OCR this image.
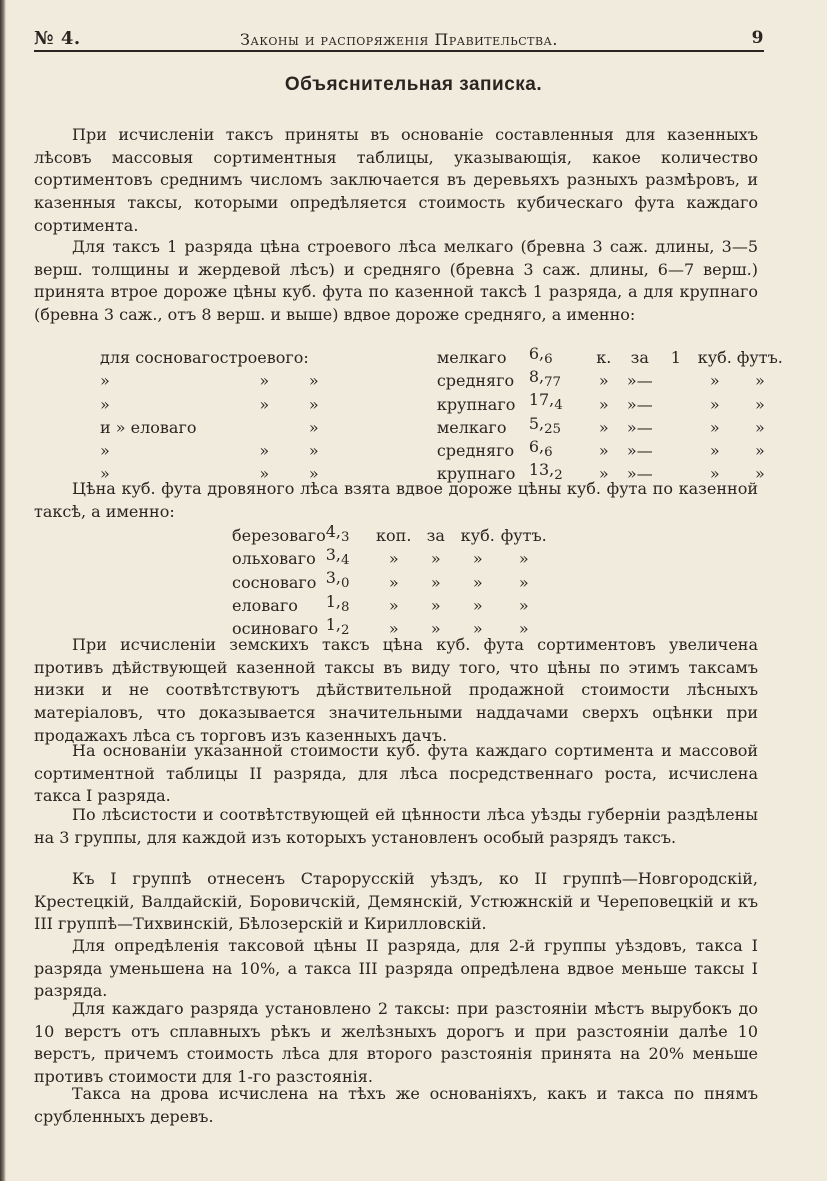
№ 4.	Законы и распоряженія Правительства.	9
Объяснительная записка.

При исчисленіи таксъ приняты въ основаніе составленныя для казенныхъ лѣсовъ массовыя сортиментныя таблицы, указывающія, какое количество сортиментовъ среднимъ числомъ заключается въ деревьяхъ разныхъ размѣровъ, и казенныя таксы, которыми опредѣляется стоимость кубическаго фута каждаго сортимента.

Для таксъ 1 разряда цѣна строевого лѣса мелкаго (бревна 3 саж. длины, 3—5 верш. толщины и жердевой лѣсъ) и средняго (бревна 3 саж. длины, 6—7 верш.) принята втрое дороже цѣны куб. фута по казенной таксѣ 1 разряда, а для крупнаго (бревна 3 саж., отъ 8 верш. и выше) вдвое дороже средняго, а именно:

для сосноваго	строевого:		мелкаго	$6,_6$	к.	за	1	куб.	футъ.
»	»	»	средняго	$8,_{77}$	»	»—		»	»
»	»	»	крупнаго	$17,_4$	»	»—		»	»
и » еловаго		»	мелкаго	$5,_{25}$	»	»—		»	»
»	»	»	средняго	$6,_6$	»	»—		»	»
»	»	»	крупнаго	$13,_2$	»	»—		»	»

Цѣна куб. фута дровяного лѣса взята вдвое дороже цѣны куб. фута по казенной таксѣ, а именно:

березоваго	$4,_3$	коп.	за	куб.	футъ.
ольховаго	$3,_4$	»	»	»	»
сосноваго	$3,_0$	»	»	»	»
еловаго	$1,_8$	»	»	»	»
осиноваго	$1,_2$	»	»	»	»

При исчисленіи земскихъ таксъ цѣна куб. фута сортиментовъ увеличена противъ дѣйствующей казенной таксы въ виду того, что цѣны по этимъ таксамъ низки и не соотвѣтствуютъ дѣйствительной продажной стоимости лѣсныхъ матеріаловъ, что доказывается значительными наддачами сверхъ оцѣнки при продажахъ лѣса съ торговъ изъ казенныхъ дачъ.

На основаніи указанной стоимости куб. фута каждаго сортимента и массовой сортиментной таблицы II разряда, для лѣса посредственнаго роста, исчислена такса I разряда.

По лѣсистости и соотвѣтствующей ей цѣнности лѣса уѣзды губерніи раздѣлены на 3 группы, для каждой изъ которыхъ установленъ особый разрядъ таксъ.

Къ I группѣ отнесенъ Старорусскій уѣздъ, ко II группѣ—Новгородскій, Крестецкій, Валдайскій, Боровичскій, Демянскій, Устюжнскій и Череповецкій и къ III группѣ—Тихвинскій, Бѣлозерскій и Кирилловскій.

Для опредѣленія таксовой цѣны II разряда, для 2-й группы уѣздовъ, такса I разряда уменьшена на 10%, а такса III разряда опредѣлена вдвое меньше таксы I разряда.

Для каждаго разряда установлено 2 таксы: при разстояніи мѣстъ вырубокъ до 10 верстъ отъ сплавныхъ рѣкъ и желѣзныхъ дорогъ и при разстояніи далѣе 10 верстъ, причемъ стоимость лѣса для второго разстоянія принята на 20% меньше противъ стоимости для 1-го разстоянія.

Такса на дрова исчислена на тѣхъ же основаніяхъ, какъ и такса по пнямъ срубленныхъ деревъ.
